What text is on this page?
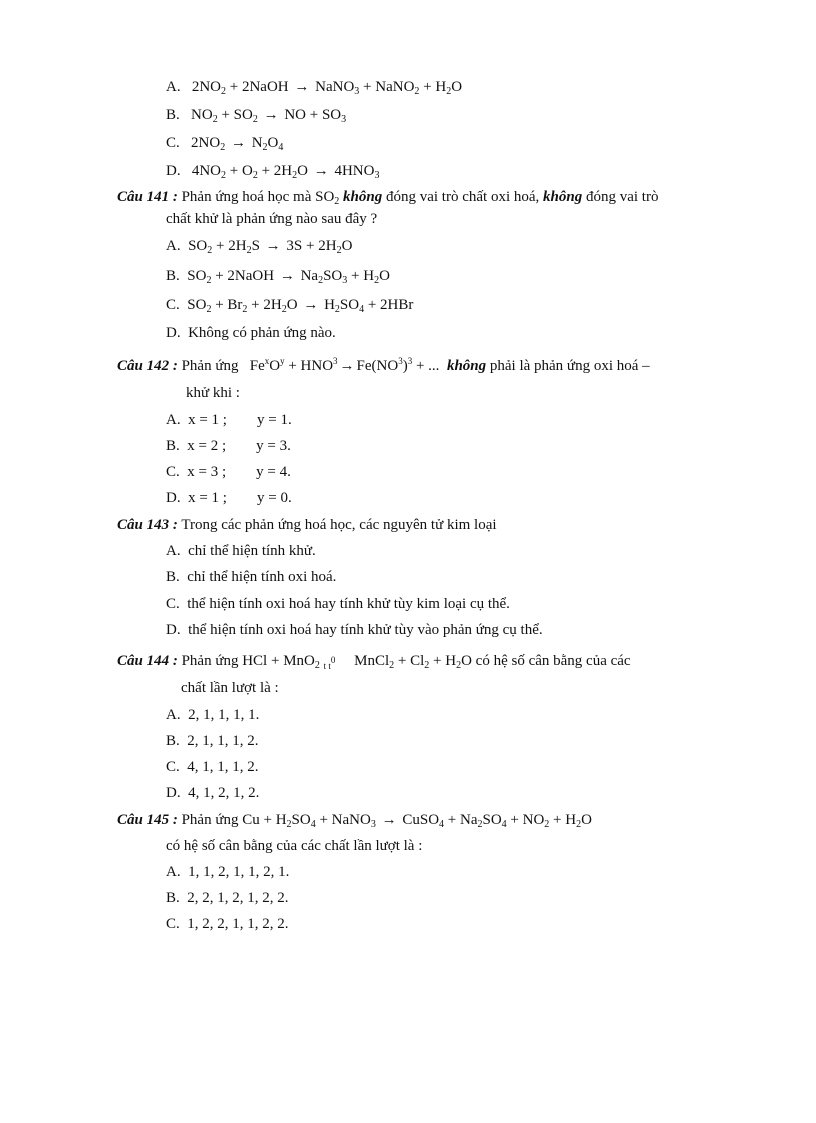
A. $2NO_2$ + 2NaOH → NaNO$_3$ + NaNO$_2$ + $H_2O$
B. $NO_2 + SO_2$ → NO + $SO_3$
C. $2NO_2 \to N_2O_4$
D. $4NO_2 + O_2 + 2H_2O \to 4HNO_3$
Câu 141 : Phản ứng hoá học mà $SO_2$ không đóng vai trò chất oxi hoá, không đóng vai trò
chất khử là phản ứng nào sau đây ?
A. $SO_2 + 2H_2S \to 3S + 2H_2O$
B. $SO_2$ + 2NaOH → $Na_2SO_3 + H_2O$
C. $SO_2 + Br_2 + 2H_2O \to H_2SO_4 + 2HBr$
D. Không có phản ứng nào.
Câu 142 : Phản ứng $Fe^xO^y + HNO^3 \to Fe(NO^3)^3$ + ... không phải là phản ứng oxi hoá –
khử khi :
A. x = 1 ; y = 1.
B. x = 2 ; y = 3.
C. x = 3 ; y = 4.
D. x = 1 ; y = 0.
Câu 143 : Trong các phản ứng hoá học, các nguyên tử kim loại
A. chỉ thể hiện tính khử.
B. chỉ thể hiện tính oxi hoá.
C. thể hiện tính oxi hoá hay tính khử tùy kim loại cụ thể.
D. thể hiện tính oxi hoá hay tính khử tùy vào phản ứng cụ thể.
Câu 144 : Phản ứng HCl + MnO$_2$ $_{t t^0}$ MnCl$_2$ + $Cl_2 + H_2O$ có hệ số cân bằng của các
chất lần lượt là :
A. 2, 1, 1, 1, 1.
B. 2, 1, 1, 1, 2.
C. 4, 1, 1, 1, 2.
D. 4, 1, 2, 1, 2.
Câu 145 : Phản ứng $Cu + H_2SO_4$ + NaNO$_3$ → CuSO$_4$ + $Na_2SO_4 + NO_2 + H_2O$
có hệ số cân bằng của các chất lần lượt là :
A. 1, 1, 2, 1, 1, 2, 1.
B. 2, 2, 1, 2, 1, 2, 2.
C. 1, 2, 2, 1, 1, 2, 2.
